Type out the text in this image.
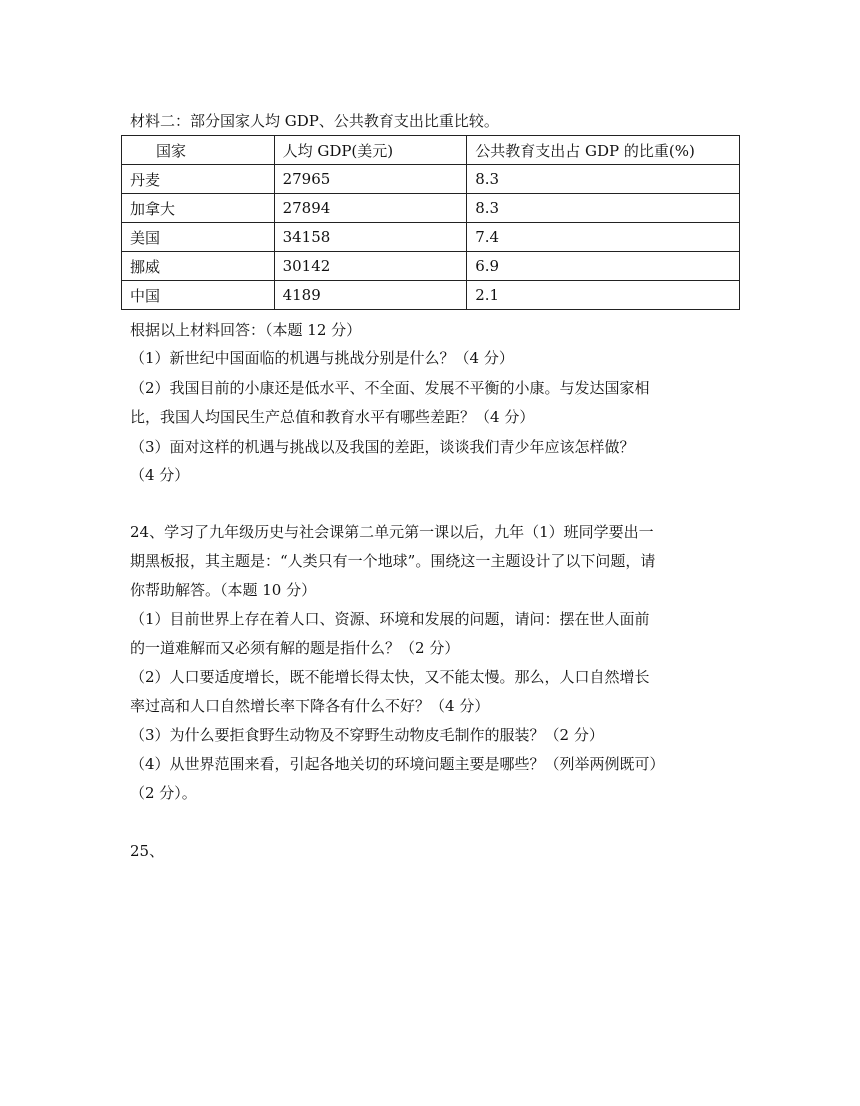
材料二：部分国家人均 GDP、公共教育支出比重比较。
国家	人均 GDP(美元)	公共教育支出占 GDP 的比重(%)
丹麦	27965	8.3
加拿大	27894	8.3
美国	34158	7.4
挪威	30142	6.9
中国	4189	2.1
根据以上材料回答：（本题 12 分）
（1）新世纪中国面临的机遇与挑战分别是什么？（4 分）
（2）我国目前的小康还是低水平、不全面、发展不平衡的小康。与发达国家相
比，我国人均国民生产总值和教育水平有哪些差距？（4 分）
（3）面对这样的机遇与挑战以及我国的差距，谈谈我们青少年应该怎样做？
（4 分）
24、学习了九年级历史与社会课第二单元第一课以后，九年（1）班同学要出一
期黑板报，其主题是：“人类只有一个地球”。围绕这一主题设计了以下问题，请
你帮助解答。（本题 10 分）
（1）目前世界上存在着人口、资源、环境和发展的问题，请问：摆在世人面前
的一道难解而又必须有解的题是指什么？（2 分）
（2）人口要适度增长，既不能增长得太快，又不能太慢。那么，人口自然增长
率过高和人口自然增长率下降各有什么不好？（4 分）
（3）为什么要拒食野生动物及不穿野生动物皮毛制作的服装？（2 分）
（4）从世界范围来看，引起各地关切的环境问题主要是哪些？（列举两例既可）
（2 分）。
25、
